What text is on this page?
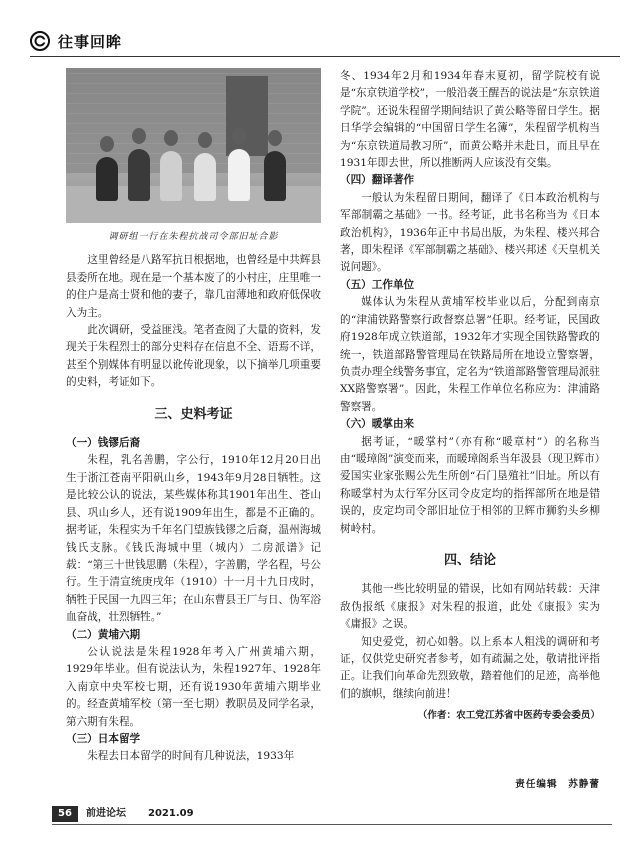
往事回眸
调研组一行在朱程抗战司令部旧址合影

这里曾经是八路军抗日根据地，也曾经是中共辉县县委所在地。现在是一个基本废了的小村庄，庄里唯一的住户是高士贤和他的妻子，靠几亩薄地和政府低保收入为主。

此次调研，受益匪浅。笔者查阅了大量的资料，发现关于朱程烈士的部分史料存在信息不全、语焉不详，甚至个别媒体有明显以讹传讹现象，以下摘举几项重要的史料，考证如下。

三、史料考证
（一）钱镠后裔

朱程，乳名善鹏，字公行，1910年12月20日出生于浙江苍南平阳矾山乡，1943年9月28日牺牲。这是比较公认的说法，某些媒体称其1901年出生、苍山县、巩山乡人，还有说1909年出生，都是不正确的。据考证，朱程实为千年名门望族钱镠之后裔，温州海城钱氏支脉。《钱氏海城中里（城内）二房派谱》记载：“第三十世钱思鹏（朱程），字善鹏，学名程，号公行。生于清宣统庚戌年（1910）十一月十九日戌时，牺牲于民国一九四三年；在山东曹县王厂与日、伪军浴血奋战，壮烈牺牲。”

（二）黄埔六期

公认说法是朱程1928年考入广州黄埔六期，1929年毕业。但有说法认为，朱程1927年、1928年入南京中央军校七期，还有说1930年黄埔六期毕业的。经查黄埔军校（第一至七期）教职员及同学名录，第六期有朱程。

（三）日本留学

朱程去日本留学的时间有几种说法，1933年

冬、1934年2月和1934年春末夏初，留学院校有说是“东京铁道学校”，一般沿袭王醒吾的说法是“东京铁道学院”。还说朱程留学期间结识了黄公略等留日学生。据日华学会编辑的“中国留日学生名簿”，朱程留学机构当为“东京铁道局教习所”，而黄公略并未赴日，而且早在1931年即去世，所以推断两人应该没有交集。

（四）翻译著作

一般认为朱程留日期间，翻译了《日本政治机构与军部制霸之基础》一书。经考证，此书名称当为《日本政治机构》，1936年正中书局出版，为朱程、楼兴邦合著，即朱程译《军部制霸之基础》、楼兴邦述《天皇机关说问题》。

（五）工作单位

媒体认为朱程从黄埔军校毕业以后，分配到南京的“津浦铁路警察行政督察总署”任职。经考证，民国政府1928年成立铁道部，1932年才实现全国铁路警政的统一，铁道部路警管理局在铁路局所在地设立警察署，负责办理全线警务事宜，定名为“铁道部路警管理局派驻XX路警察署”。因此，朱程工作单位名称应为：津浦路警察署。

（六）暖掌由来

据考证，“暖掌村”（亦有称“暖章村”）的名称当由“暖璋阁”演变而来，而暖璋阁系当年汲县（现卫辉市）爱国实业家张赐公先生所创“石门垦殖社”旧址。所以有称暖掌村为太行军分区司令皮定均的指挥部所在地是错误的，皮定均司令部旧址位于相邻的卫辉市狮豹头乡柳树岭村。

四、结论

其他一些比较明显的错误，比如有网站转载：天津敌伪报纸《康报》对朱程的报道，此处《康报》实为《庸报》之误。

知史爱党，初心如磐。以上系本人粗浅的调研和考证，仅供党史研究者参考，如有疏漏之处，敬请批评指正。让我们向革命先烈致敬，踏着他们的足迹，高举他们的旗帜，继续向前进！

（作者：农工党江苏省中医药专委会委员）
责任编辑　苏静蕾
56	前进论坛 2021.09
